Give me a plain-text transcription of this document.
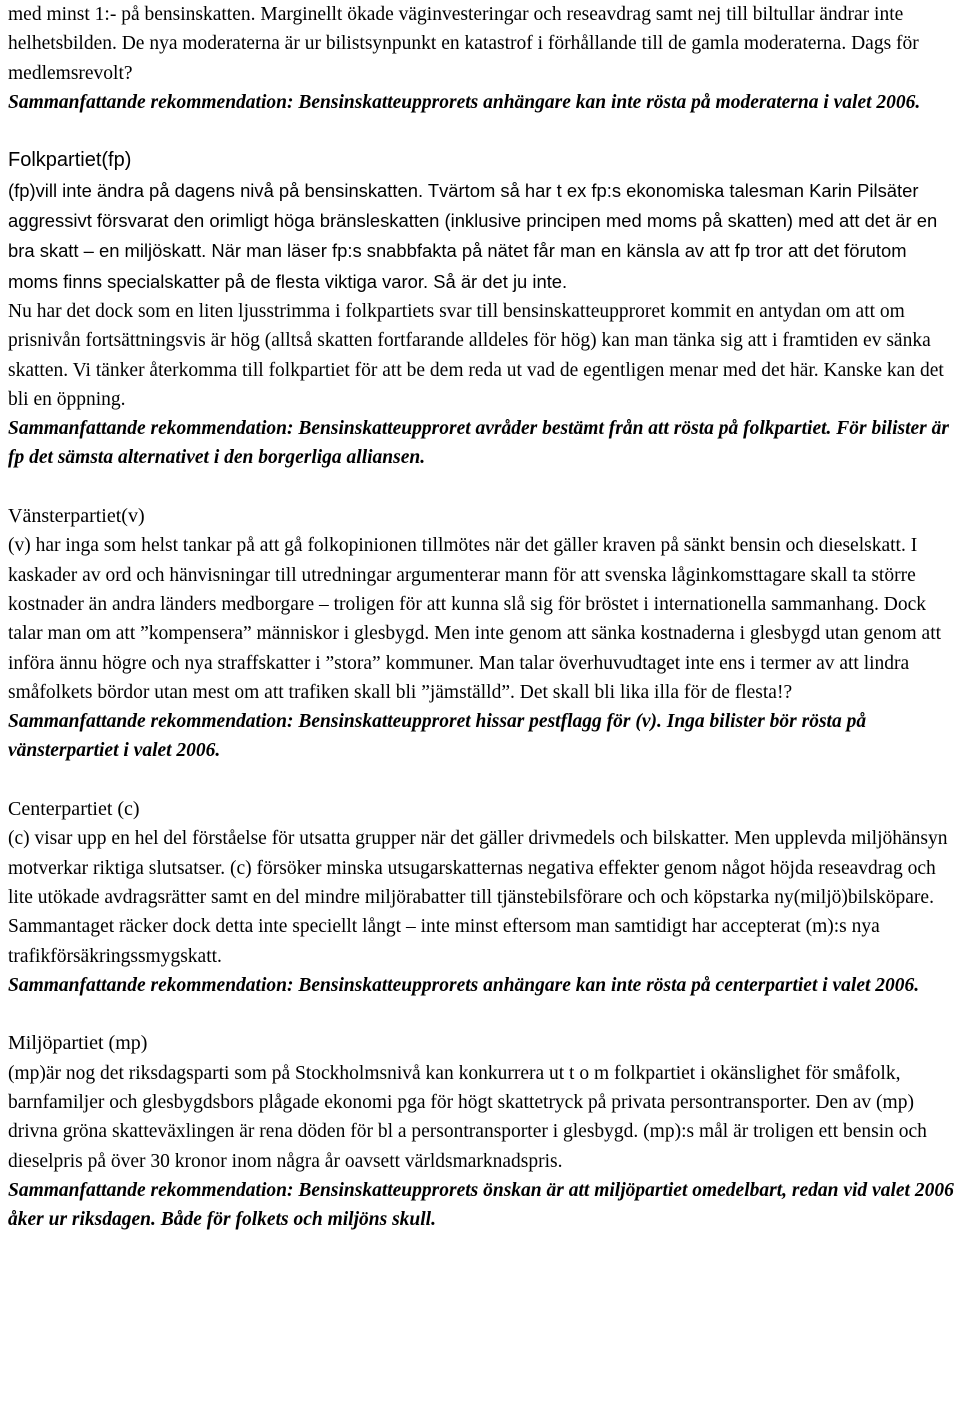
med minst 1:- på bensinskatten. Marginellt ökade väginvesteringar och reseavdrag samt nej till biltullar ändrar inte helhetsbilden. De nya moderaterna är ur bilistsynpunkt en katastrof i förhållande till de gamla moderaterna. Dags för medlemsrevolt?

Sammanfattande rekommendation: Bensinskatteupprorets anhängare kan inte rösta på moderaterna i valet 2006.

Folkpartiet(fp)

(fp)vill inte ändra på dagens nivå på bensinskatten. Tvärtom så har t ex fp:s ekonomiska talesman Karin Pilsäter aggressivt försvarat den orimligt höga bränsleskatten (inklusive principen med moms på skatten) med att det är en bra skatt – en miljöskatt. När man läser fp:s snabbfakta på nätet får man en känsla av att fp tror att det förutom moms finns specialskatter på de flesta viktiga varor. Så är det ju inte.

Nu har det dock som en liten ljusstrimma i folkpartiets svar till bensinskatteupproret kommit en antydan om att om prisnivån fortsättningsvis är hög (alltså skatten fortfarande alldeles för hög) kan man tänka sig att i framtiden ev sänka skatten. Vi tänker återkomma till folkpartiet för att be dem reda ut vad de egentligen menar med det här. Kanske kan det bli en öppning.

Sammanfattande rekommendation: Bensinskatteupproret avråder bestämt från att rösta på folkpartiet. För bilister är fp det sämsta alternativet i den borgerliga alliansen.

Vänsterpartiet(v)

(v) har inga som helst tankar på att gå folkopinionen tillmötes när det gäller kraven på sänkt bensin och dieselskatt. I kaskader av ord och hänvisningar till utredningar argumenterar mann för att svenska låginkomsttagare skall ta större kostnader än andra länders medborgare – troligen för att kunna slå sig för bröstet i internationella sammanhang. Dock talar man om att ”kompensera” människor i glesbygd. Men inte genom att sänka kostnaderna i glesbygd utan genom att införa ännu högre och nya straffskatter i ”stora” kommuner. Man talar överhuvudtaget inte ens i termer av att lindra småfolkets bördor utan mest om att trafiken skall bli ”jämställd”. Det skall bli lika illa för de flesta!?

Sammanfattande rekommendation: Bensinskatteupproret hissar pestflagg för (v). Inga bilister bör rösta på vänsterpartiet i valet 2006.

Centerpartiet (c)

(c) visar upp en hel del förståelse för utsatta grupper när det gäller drivmedels och bilskatter. Men upplevda miljöhänsyn motverkar riktiga slutsatser. (c) försöker minska utsugarskatternas negativa effekter genom något höjda reseavdrag och lite utökade avdragsrätter samt en del mindre miljörabatter till tjänstebilsförare och och köpstarka ny(miljö)bilsköpare.

Sammantaget räcker dock detta inte speciellt långt – inte minst eftersom man samtidigt har accepterat (m):s nya trafikförsäkringssmygskatt.

Sammanfattande rekommendation: Bensinskatteupprorets anhängare kan inte rösta på centerpartiet i valet 2006.

Miljöpartiet (mp)

(mp)är nog det riksdagsparti som på Stockholmsnivå kan konkurrera ut t o m folkpartiet i okänslighet för småfolk, barnfamiljer och glesbygdsbors plågade ekonomi pga för högt skattetryck på privata persontransporter. Den av (mp) drivna gröna skatteväxlingen är rena döden för bl a persontransporter i glesbygd. (mp):s mål är troligen ett bensin och dieselpris på över 30 kronor inom några år oavsett världsmarknadspris.

Sammanfattande rekommendation: Bensinskatteupprorets önskan är att miljöpartiet omedelbart, redan vid valet 2006 åker ur riksdagen. Både för folkets och miljöns skull.
